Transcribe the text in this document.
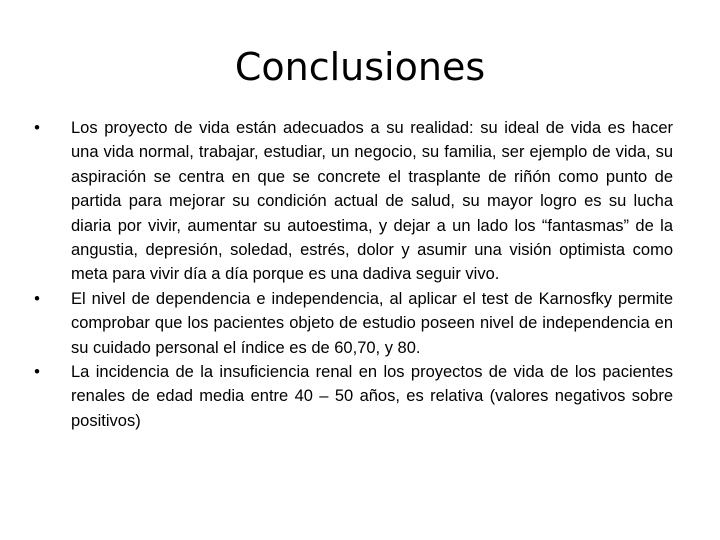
Conclusiones
•	Los proyecto de vida están adecuados a su realidad: su ideal de vida es hacer una vida normal, trabajar, estudiar, un negocio, su familia, ser ejemplo de vida, su aspiración se centra en que se concrete el trasplante de riñón como punto de partida para mejorar su condición actual de salud, su mayor logro es su lucha diaria por vivir, aumentar su autoestima, y dejar a un lado los “fantasmas” de la angustia, depresión, soledad, estrés, dolor y asumir una visión optimista como meta para vivir día a día porque es una dadiva seguir vivo.
•	El nivel de dependencia e independencia, al aplicar el test de Karnosfky permite comprobar que los pacientes objeto de estudio poseen nivel de independencia en su cuidado personal el índice es de 60,70, y 80.
•	La incidencia de la insuficiencia renal en los proyectos de vida de los pacientes renales de edad media entre 40 – 50 años, es relativa (valores negativos sobre positivos)
